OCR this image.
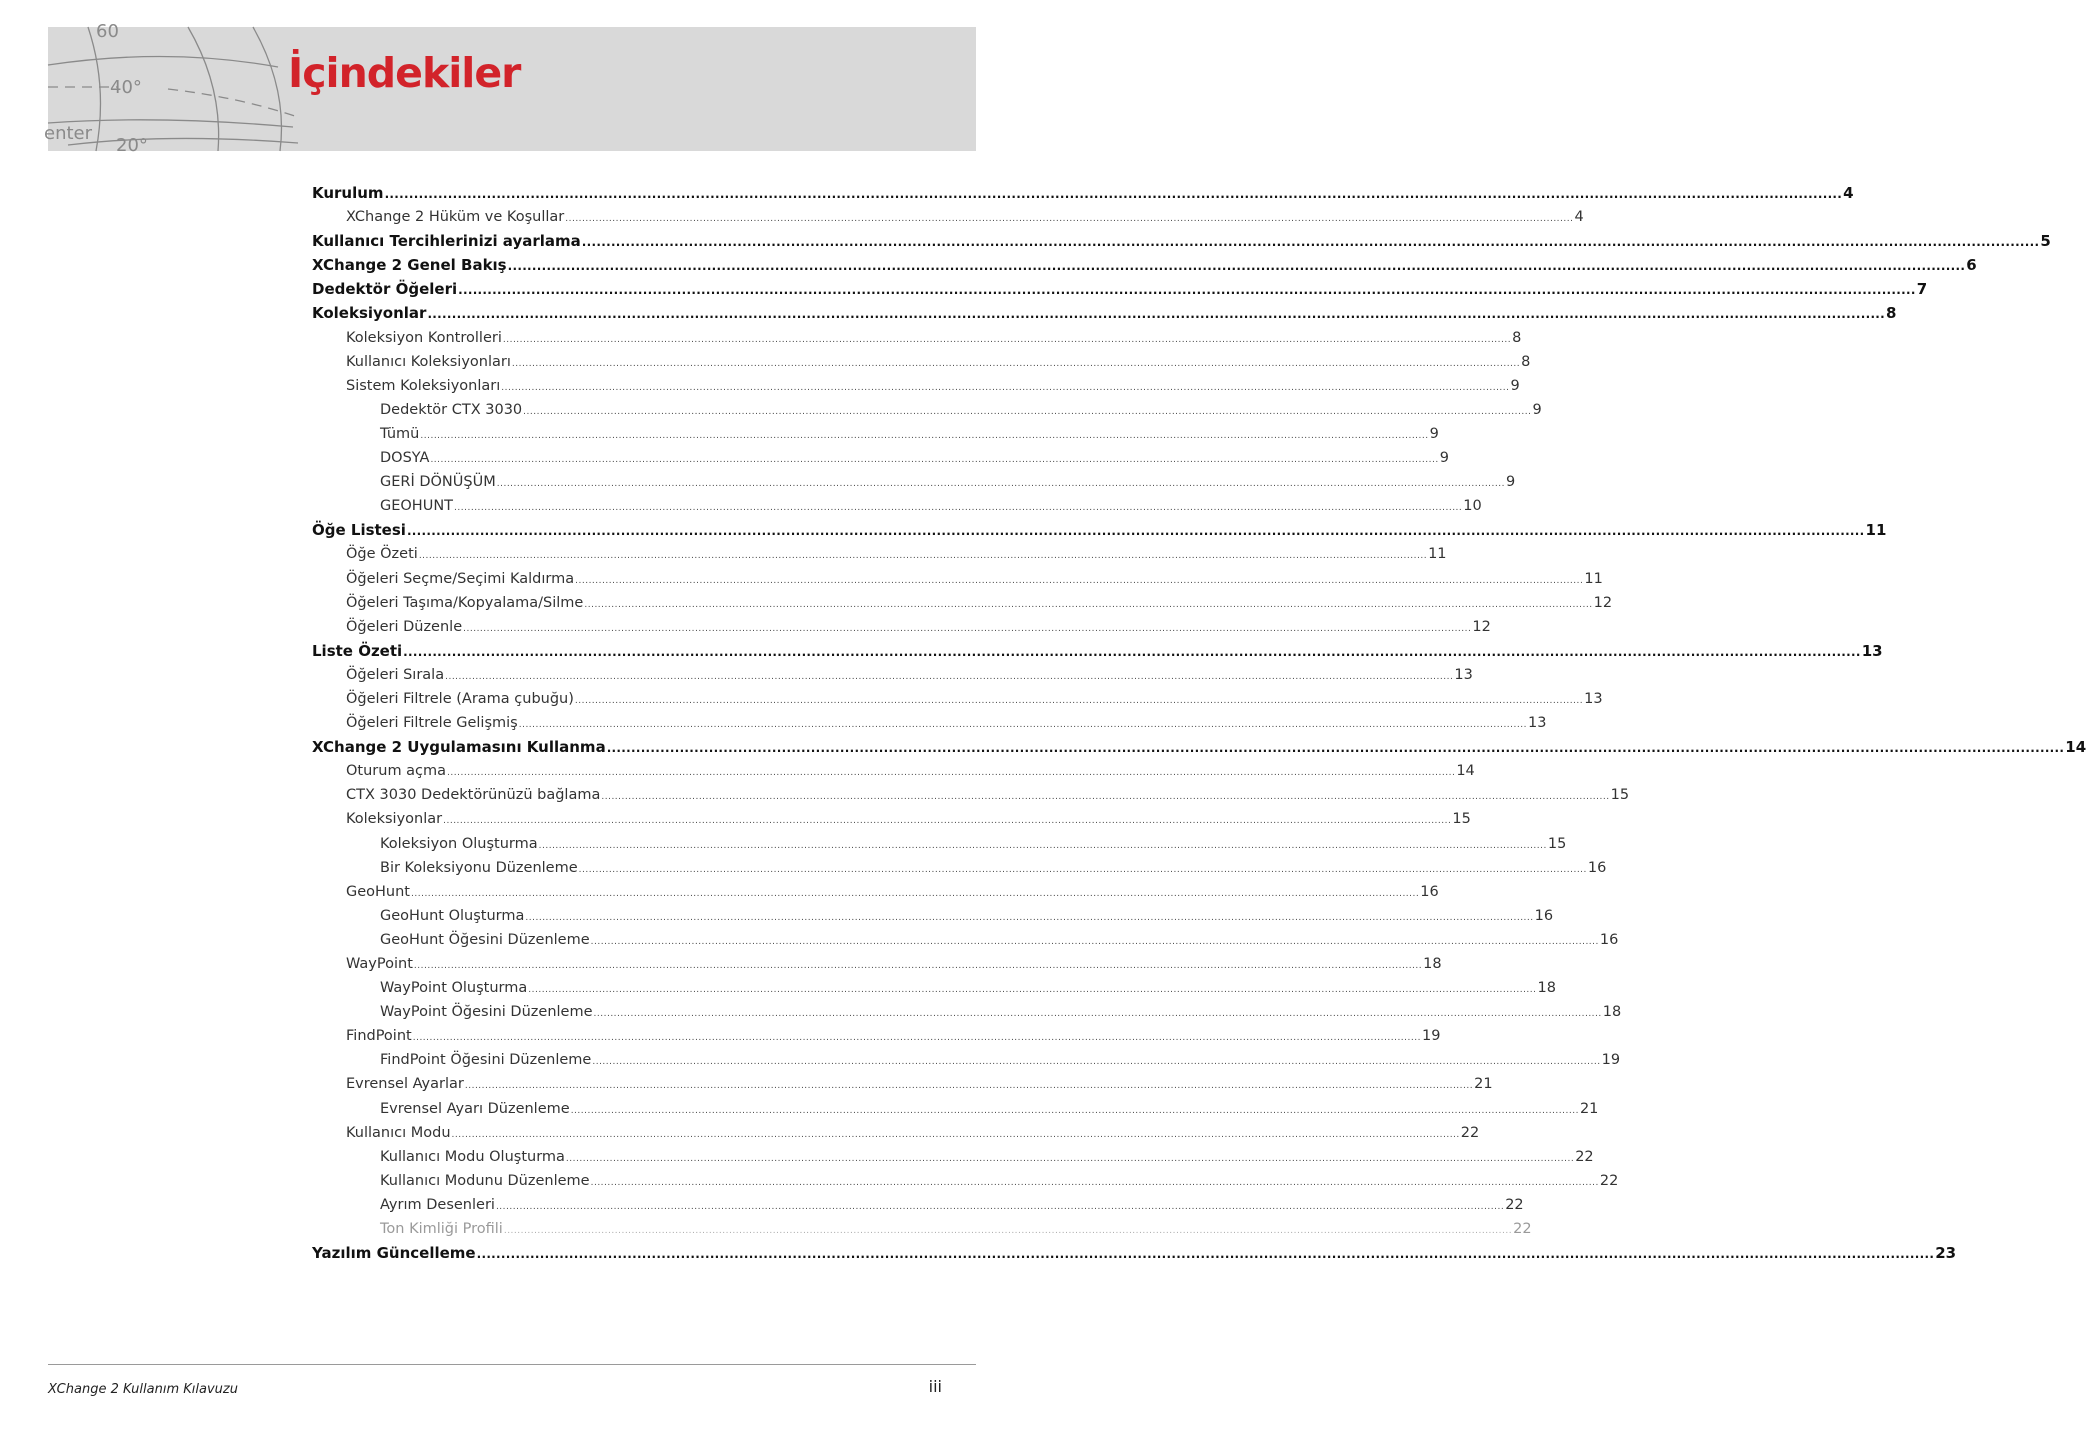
60
40°
20°
enter
İçindekiler
Kurulum ............................................................................................................................................................................................................................................................................................................ 4
XChange 2 Hüküm ve Koşullar ............................................................................................................................................................................................................................................................................................................ 4
Kullanıcı Tercihlerinizi ayarlama ............................................................................................................................................................................................................................................................................................................ 5
XChange 2 Genel Bakış ............................................................................................................................................................................................................................................................................................................ 6
Dedektör Öğeleri ............................................................................................................................................................................................................................................................................................................ 7
Koleksiyonlar ............................................................................................................................................................................................................................................................................................................ 8
Koleksiyon Kontrolleri ............................................................................................................................................................................................................................................................................................................ 8
Kullanıcı Koleksiyonları ............................................................................................................................................................................................................................................................................................................ 8
Sistem Koleksiyonları ............................................................................................................................................................................................................................................................................................................ 9
Dedektör CTX 3030 ............................................................................................................................................................................................................................................................................................................ 9
Tümü ............................................................................................................................................................................................................................................................................................................ 9
DOSYA ............................................................................................................................................................................................................................................................................................................ 9
GERİ DÖNÜŞÜM ............................................................................................................................................................................................................................................................................................................ 9
GEOHUNT ............................................................................................................................................................................................................................................................................................................ 10
Öğe Listesi ............................................................................................................................................................................................................................................................................................................ 11
Öğe Özeti ............................................................................................................................................................................................................................................................................................................ 11
Öğeleri Seçme/Seçimi Kaldırma ............................................................................................................................................................................................................................................................................................................ 11
Öğeleri Taşıma/Kopyalama/Silme ............................................................................................................................................................................................................................................................................................................ 12
Öğeleri Düzenle ............................................................................................................................................................................................................................................................................................................ 12
Liste Özeti ............................................................................................................................................................................................................................................................................................................ 13
Öğeleri Sırala ............................................................................................................................................................................................................................................................................................................ 13
Öğeleri Filtrele (Arama çubuğu) ............................................................................................................................................................................................................................................................................................................ 13
Öğeleri Filtrele Gelişmiş ............................................................................................................................................................................................................................................................................................................ 13
XChange 2 Uygulamasını Kullanma ............................................................................................................................................................................................................................................................................................................ 14
Oturum açma ............................................................................................................................................................................................................................................................................................................ 14
CTX 3030 Dedektörünüzü bağlama ............................................................................................................................................................................................................................................................................................................ 15
Koleksiyonlar ............................................................................................................................................................................................................................................................................................................ 15
Koleksiyon Oluşturma ............................................................................................................................................................................................................................................................................................................ 15
Bir Koleksiyonu Düzenleme ............................................................................................................................................................................................................................................................................................................ 16
GeoHunt ............................................................................................................................................................................................................................................................................................................ 16
GeoHunt Oluşturma ............................................................................................................................................................................................................................................................................................................ 16
GeoHunt Öğesini Düzenleme ............................................................................................................................................................................................................................................................................................................ 16
WayPoint ............................................................................................................................................................................................................................................................................................................ 18
WayPoint Oluşturma ............................................................................................................................................................................................................................................................................................................ 18
WayPoint Öğesini Düzenleme ............................................................................................................................................................................................................................................................................................................ 18
FindPoint ............................................................................................................................................................................................................................................................................................................ 19
FindPoint Öğesini Düzenleme ............................................................................................................................................................................................................................................................................................................ 19
Evrensel Ayarlar ............................................................................................................................................................................................................................................................................................................ 21
Evrensel Ayarı Düzenleme ............................................................................................................................................................................................................................................................................................................ 21
Kullanıcı Modu ............................................................................................................................................................................................................................................................................................................ 22
Kullanıcı Modu Oluşturma ............................................................................................................................................................................................................................................................................................................ 22
Kullanıcı Modunu Düzenleme ............................................................................................................................................................................................................................................................................................................ 22
Ayrım Desenleri ............................................................................................................................................................................................................................................................................................................ 22
Ton Kimliği Profili ............................................................................................................................................................................................................................................................................................................ 22
Yazılım Güncelleme ............................................................................................................................................................................................................................................................................................................ 23
XChange 2 Kullanım Kılavuzu	iii
